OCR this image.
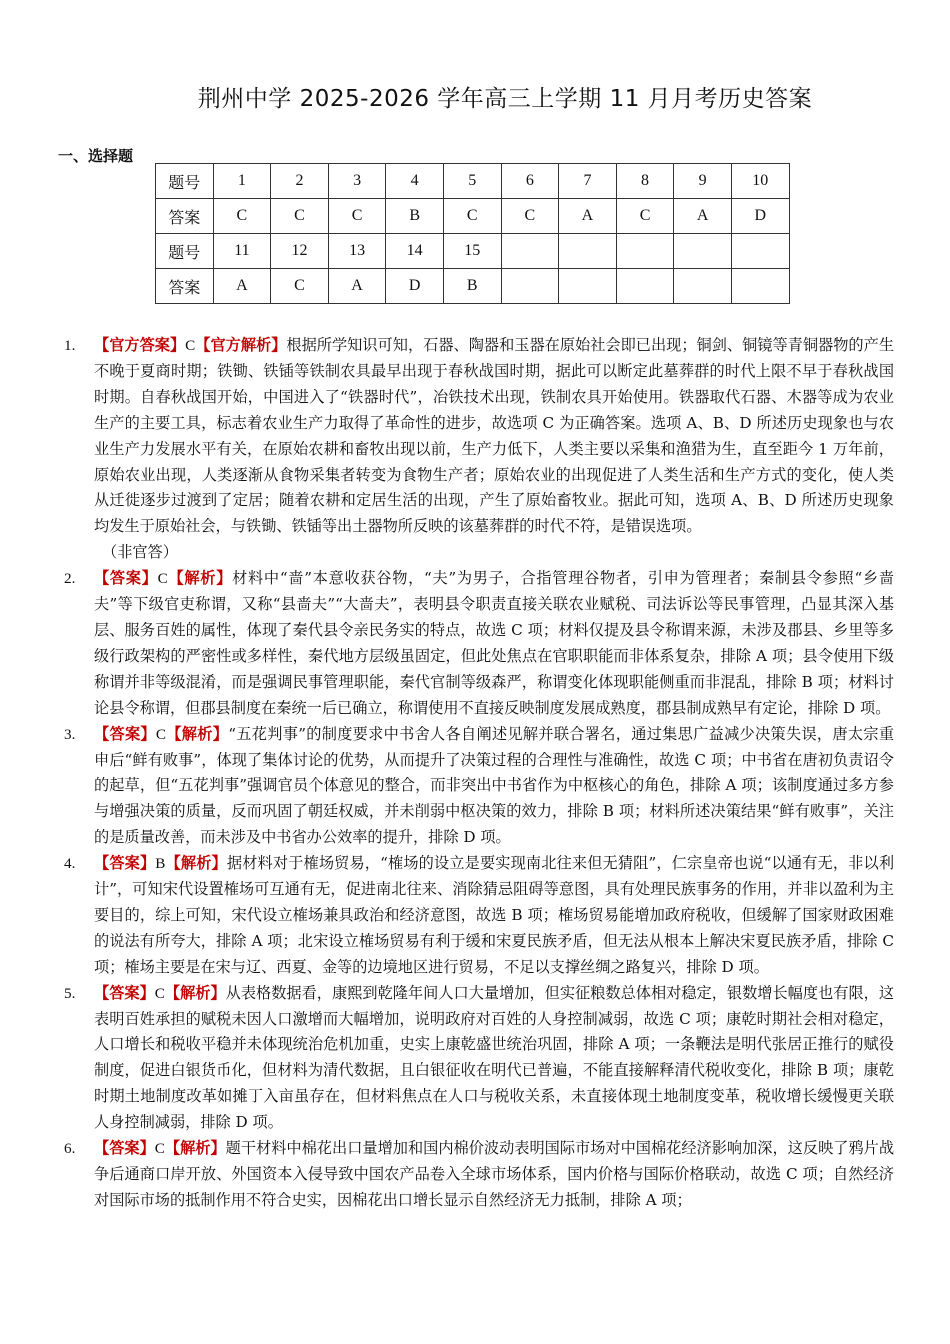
荆州中学 2025-2026 学年高三上学期 11 月月考历史答案
一、选择题
题号	1	2	3	4	5	6	7	8	9	10
答案	C	C	C	B	C	C	A	C	A	D
题号	11	12	13	14	15					
答案	A	C	A	D	B					
1.	【官方答案】C【官方解析】根据所学知识可知，石器、陶器和玉器在原始社会即已出现；铜剑、铜镜等青铜器物的产生不晚于夏商时期；铁锄、铁锸等铁制农具最早出现于春秋战国时期，据此可以断定此墓葬群的时代上限不早于春秋战国时期。自春秋战国开始，中国进入了“铁器时代”，冶铁技术出现，铁制农具开始使用。铁器取代石器、木器等成为农业生产的主要工具，标志着农业生产力取得了革命性的进步，故选项 C 为正确答案。选项 A、B、D 所述历史现象也与农业生产力发展水平有关，在原始农耕和畜牧出现以前，生产力低下，人类主要以采集和渔猎为生，直至距今 1 万年前，原始农业出现，人类逐渐从食物采集者转变为食物生产者；原始农业的出现促进了人类生活和生产方式的变化，使人类从迁徙逐步过渡到了定居；随着农耕和定居生活的出现，产生了原始畜牧业。据此可知，选项 A、B、D 所述历史现象均发生于原始社会，与铁锄、铁锸等出土器物所反映的该墓葬群的时代不符，是错误选项。
（非官答）
2.	【答案】C【解析】材料中“啬”本意收获谷物，“夫”为男子，合指管理谷物者，引申为管理者；秦制县令参照“乡啬夫”等下级官吏称谓，又称“县啬夫”“大啬夫”，表明县令职责直接关联农业赋税、司法诉讼等民事管理，凸显其深入基层、服务百姓的属性，体现了秦代县令亲民务实的特点，故选 C 项；材料仅提及县令称谓来源，未涉及郡县、乡里等多级行政架构的严密性或多样性，秦代地方层级虽固定，但此处焦点在官职职能而非体系复杂，排除 A 项；县令使用下级称谓并非等级混淆，而是强调民事管理职能，秦代官制等级森严，称谓变化体现职能侧重而非混乱，排除 B 项；材料讨论县令称谓，但郡县制度在秦统一后已确立，称谓使用不直接反映制度发展成熟度，郡县制成熟早有定论，排除 D 项。
3.	【答案】C【解析】“五花判事”的制度要求中书舍人各自阐述见解并联合署名，通过集思广益减少决策失误，唐太宗重申后“鲜有败事”，体现了集体讨论的优势，从而提升了决策过程的合理性与准确性，故选 C 项；中书省在唐初负责诏令的起草，但“五花判事”强调官员个体意见的整合，而非突出中书省作为中枢核心的角色，排除 A 项；该制度通过多方参与增强决策的质量，反而巩固了朝廷权威，并未削弱中枢决策的效力，排除 B 项；材料所述决策结果“鲜有败事”，关注的是质量改善，而未涉及中书省办公效率的提升，排除 D 项。
4.	【答案】B【解析】据材料对于榷场贸易，“榷场的设立是要实现南北往来但无猜阻”，仁宗皇帝也说“以通有无，非以利计”，可知宋代设置榷场可互通有无，促进南北往来、消除猜忌阻碍等意图，具有处理民族事务的作用，并非以盈利为主要目的，综上可知，宋代设立榷场兼具政治和经济意图，故选 B 项；榷场贸易能增加政府税收，但缓解了国家财政困难的说法有所夸大，排除 A 项；北宋设立榷场贸易有利于缓和宋夏民族矛盾，但无法从根本上解决宋夏民族矛盾，排除 C 项；榷场主要是在宋与辽、西夏、金等的边境地区进行贸易，不足以支撑丝绸之路复兴，排除 D 项。
5.	【答案】C【解析】从表格数据看，康熙到乾隆年间人口大量增加，但实征粮数总体相对稳定，银数增长幅度也有限，这表明百姓承担的赋税未因人口激增而大幅增加，说明政府对百姓的人身控制减弱，故选 C 项；康乾时期社会相对稳定，人口增长和税收平稳并未体现统治危机加重，史实上康乾盛世统治巩固，排除 A 项；一条鞭法是明代张居正推行的赋役制度，促进白银货币化，但材料为清代数据，且白银征收在明代已普遍，不能直接解释清代税收变化，排除 B 项；康乾时期土地制度改革如摊丁入亩虽存在，但材料焦点在人口与税收关系，未直接体现土地制度变革，税收增长缓慢更关联人身控制减弱，排除 D 项。
6.	【答案】C【解析】题干材料中棉花出口量增加和国内棉价波动表明国际市场对中国棉花经济影响加深，这反映了鸦片战争后通商口岸开放、外国资本入侵导致中国农产品卷入全球市场体系，国内价格与国际价格联动，故选 C 项；自然经济对国际市场的抵制作用不符合史实，因棉花出口增长显示自然经济无力抵制，排除 A 项；
